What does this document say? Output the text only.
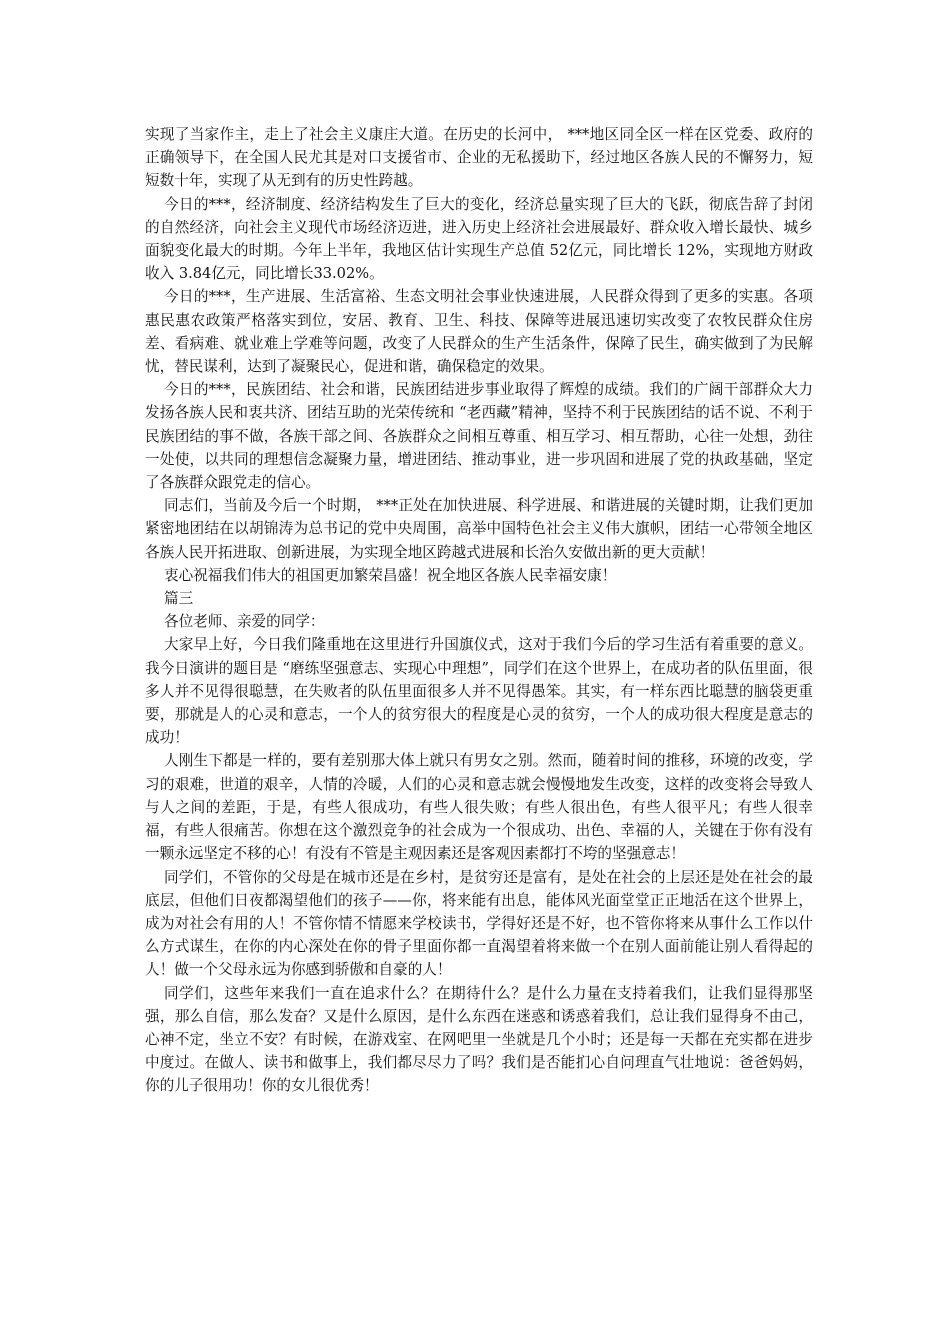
实现了当家作主，走上了社会主义康庄大道。在历史的长河中， ***地区同全区一样在区党委、政府的正确领导下，在全国人民尤其是对口支援省市、企业的无私援助下，经过地区各族人民的不懈努力，短短数十年，实现了从无到有的历史性跨越。

今日的***，经济制度、经济结构发生了巨大的变化，经济总量实现了巨大的飞跃，彻底告辞了封闭的自然经济，向社会主义现代市场经济迈进，进入历史上经济社会进展最好、群众收入增长最快、城乡面貌变化最大的时期。今年上半年，我地区估计实现生产总值 52亿元，同比增长 12%，实现地方财政收入 3.84亿元，同比增长33.02%。

今日的***，生产进展、生活富裕、生态文明社会事业快速进展，人民群众得到了更多的实惠。各项惠民惠农政策严格落实到位，安居、教育、卫生、科技、保障等进展迅速切实改变了农牧民群众住房差、看病难、就业难上学难等问题，改变了人民群众的生产生活条件，保障了民生，确实做到了为民解忧，替民谋利，达到了凝聚民心，促进和谐，确保稳定的效果。

今日的***，民族团结、社会和谐，民族团结进步事业取得了辉煌的成绩。我们的广阔干部群众大力发扬各族人民和衷共济、团结互助的光荣传统和 “老西藏”精神，坚持不利于民族团结的话不说、不利于民族团结的事不做，各族干部之间、各族群众之间相互尊重、相互学习、相互帮助，心往一处想，劲往一处使，以共同的理想信念凝聚力量，增进团结、推动事业，进一步巩固和进展了党的执政基础，坚定了各族群众跟党走的信心。

同志们，当前及今后一个时期， ***正处在加快进展、科学进展、和谐进展的关键时期，让我们更加紧密地团结在以胡锦涛为总书记的党中央周围，高举中国特色社会主义伟大旗帜，团结一心带领全地区各族人民开拓进取、创新进展，为实现全地区跨越式进展和长治久安做出新的更大贡献！

衷心祝福我们伟大的祖国更加繁荣昌盛！祝全地区各族人民幸福安康！

篇三

各位老师、亲爱的同学：

大家早上好，今日我们隆重地在这里进行升国旗仪式，这对于我们今后的学习生活有着重要的意义。我今日演讲的题目是 “磨练坚强意志、实现心中理想”，同学们在这个世界上，在成功者的队伍里面，很多人并不见得很聪慧，在失败者的队伍里面很多人并不见得愚笨。其实，有一样东西比聪慧的脑袋更重要，那就是人的心灵和意志，一个人的贫穷很大的程度是心灵的贫穷，一个人的成功很大程度是意志的成功！

人刚生下都是一样的，要有差别那大体上就只有男女之别。然而，随着时间的推移，环境的改变，学习的艰难，世道的艰辛，人情的冷暖，人们的心灵和意志就会慢慢地发生改变，这样的改变将会导致人与人之间的差距，于是，有些人很成功，有些人很失败；有些人很出色，有些人很平凡；有些人很幸福，有些人很痛苦。你想在这个激烈竞争的社会成为一个很成功、出色、幸福的人，关键在于你有没有一颗永远坚定不移的心！有没有不管是主观因素还是客观因素都打不垮的坚强意志！

同学们，不管你的父母是在城市还是在乡村，是贫穷还是富有，是处在社会的上层还是处在社会的最底层，但他们日夜都渴望他们的孩子——你，将来能有出息，能体风光面堂堂正正地活在这个世界上，成为对社会有用的人！不管你情不情愿来学校读书，学得好还是不好，也不管你将来从事什么工作以什么方式谋生，在你的内心深处在你的骨子里面你都一直渴望着将来做一个在别人面前能让别人看得起的人！做一个父母永远为你感到骄傲和自豪的人！

同学们，这些年来我们一直在追求什么？在期待什么？是什么力量在支持着我们，让我们显得那坚强，那么自信，那么发奋？又是什么原因，是什么东西在迷惑和诱惑着我们，总让我们显得身不由己，心神不定，坐立不安？有时候，在游戏室、在网吧里一坐就是几个小时；还是每一天都在充实都在进步中度过。在做人、读书和做事上，我们都尽尽力了吗？我们是否能扪心自问理直气壮地说：爸爸妈妈，你的儿子很用功！你的女儿很优秀！
